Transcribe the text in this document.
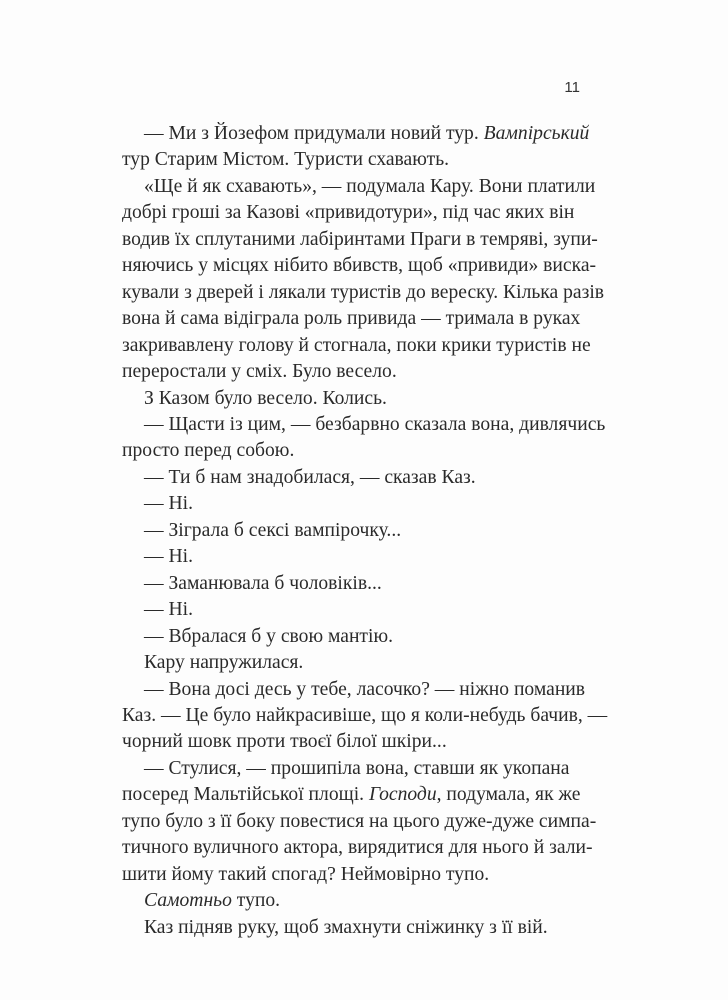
11
— Ми з Йозефом придумали новий тур. Вампірський
тур Старим Містом. Туристи схавають.
«Ще й як схавають», — подумала Кару. Вони платили
добрі гроші за Казові «привидотури», під час яких він
водив їх сплутаними лабіринтами Праги в темряві, зупи-
няючись у місцях нібито вбивств, щоб «привиди» виска-
кували з дверей і лякали туристів до вереску. Кілька разів
вона й сама відіграла роль привида — тримала в руках
закривавлену голову й стогнала, поки крики туристів не
переростали у сміх. Було весело.
З Казом було весело. Колись.
— Щасти із цим, — безбарвно сказала вона, дивлячись
просто перед собою.
— Ти б нам знадобилася, — сказав Каз.
— Ні.
— Зіграла б сексі вампірочку...
— Ні.
— Заманювала б чоловіків...
— Ні.
— Вбралася б у свою мантію.
Кару напружилася.
— Вона досі десь у тебе, ласочко? — ніжно поманив
Каз. — Це було найкрасивіше, що я коли-небудь бачив, —
чорний шовк проти твоєї білої шкіри...
— Стулися, — прошипіла вона, ставши як укопана
посеред Мальтійської площі. Господи, подумала, як же
тупо було з її боку повестися на цього дуже-дуже симпа-
тичного вуличного актора, вирядитися для нього й зали-
шити йому такий спогад? Неймовірно тупо.
Самотньо тупо.
Каз підняв руку, щоб змахнути сніжинку з її вій.
